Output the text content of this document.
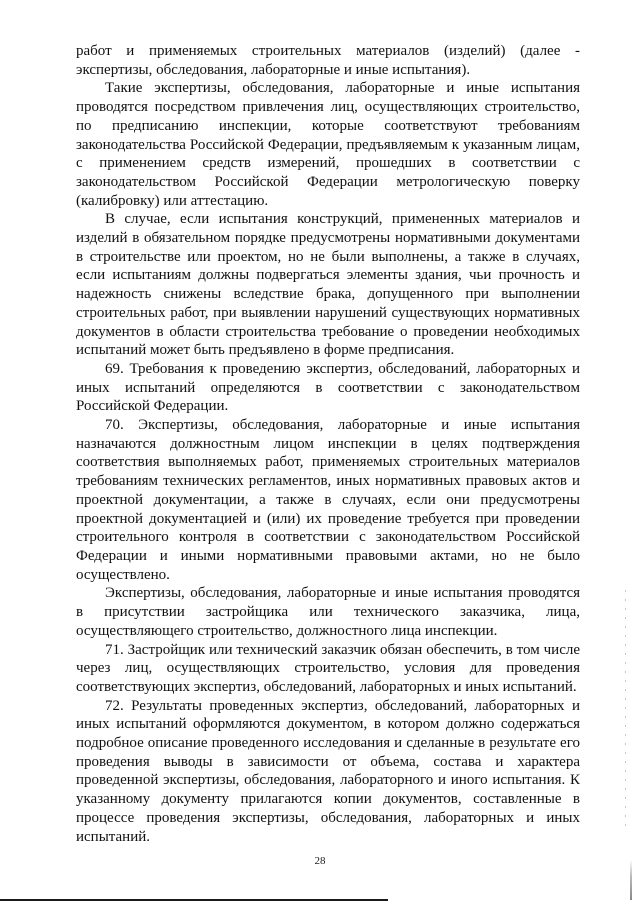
работ и применяемых строительных материалов (изделий) (далее - экспертизы, обследования, лабораторные и иные испытания).

Такие экспертизы, обследования, лабораторные и иные испытания проводятся посредством привлечения лиц, осуществляющих строительство, по предписанию инспекции, которые соответствуют требованиям законодательства Российской Федерации, предъявляемым к указанным лицам, с применением средств измерений, прошедших в соответствии с законодательством Российской Федерации метрологическую поверку (калибровку) или аттестацию.

В случае, если испытания конструкций, примененных материалов и изделий в обязательном порядке предусмотрены нормативными документами в строительстве или проектом, но не были выполнены, а также в случаях, если испытаниям должны подвергаться элементы здания, чьи прочность и надежность снижены вследствие брака, допущенного при выполнении строительных работ, при выявлении нарушений существующих нормативных документов в области строительства требование о проведении необходимых испытаний может быть предъявлено в форме предписания.

69. Требования к проведению экспертиз, обследований, лабораторных и иных испытаний определяются в соответствии с законодательством Российской Федерации.

70. Экспертизы, обследования, лабораторные и иные испытания назначаются должностным лицом инспекции в целях подтверждения соответствия выполняемых работ, применяемых строительных материалов требованиям технических регламентов, иных нормативных правовых актов и проектной документации, а также в случаях, если они предусмотрены проектной документацией и (или) их проведение требуется при проведении строительного контроля в соответствии с законодательством Российской Федерации и иными нормативными правовыми актами, но не было осуществлено.

Экспертизы, обследования, лабораторные и иные испытания проводятся в присутствии застройщика или технического заказчика, лица, осуществляющего строительство, должностного лица инспекции.

71. Застройщик или технический заказчик обязан обеспечить, в том числе через лиц, осуществляющих строительство, условия для проведения соответствующих экспертиз, обследований, лабораторных и иных испытаний.

72. Результаты проведенных экспертиз, обследований, лабораторных и иных испытаний оформляются документом, в котором должно содержаться подробное описание проведенного исследования и сделанные в результате его проведения выводы в зависимости от объема, состава и характера проведенной экспертизы, обследования, лабораторного и иного испытания. К указанному документу прилагаются копии документов, составленные в процессе проведения экспертизы, обследования, лабораторных и иных испытаний.

28
